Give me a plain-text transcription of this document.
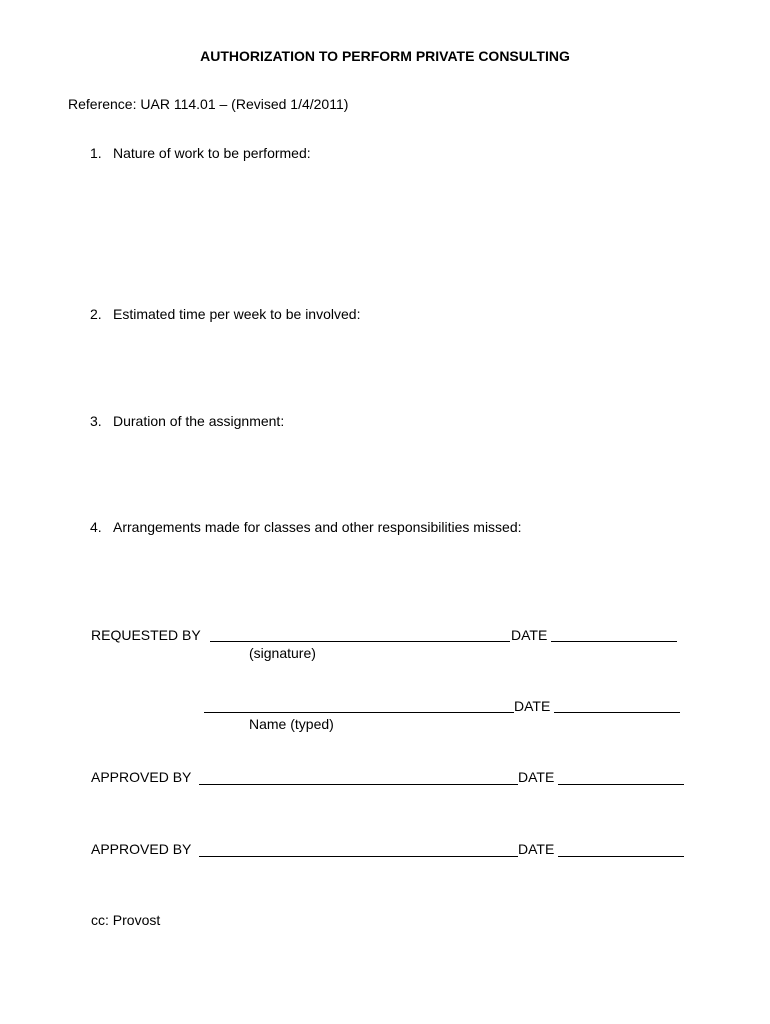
AUTHORIZATION TO PERFORM PRIVATE CONSULTING
Reference: UAR 114.01 – (Revised 1/4/2011)
1. Nature of work to be performed:
2. Estimated time per week to be involved:
3. Duration of the assignment:
4. Arrangements made for classes and other responsibilities missed:
REQUESTED BY	DATE
(signature)
DATE
Name (typed)
APPROVED BY	DATE
APPROVED BY	DATE
cc: Provost
